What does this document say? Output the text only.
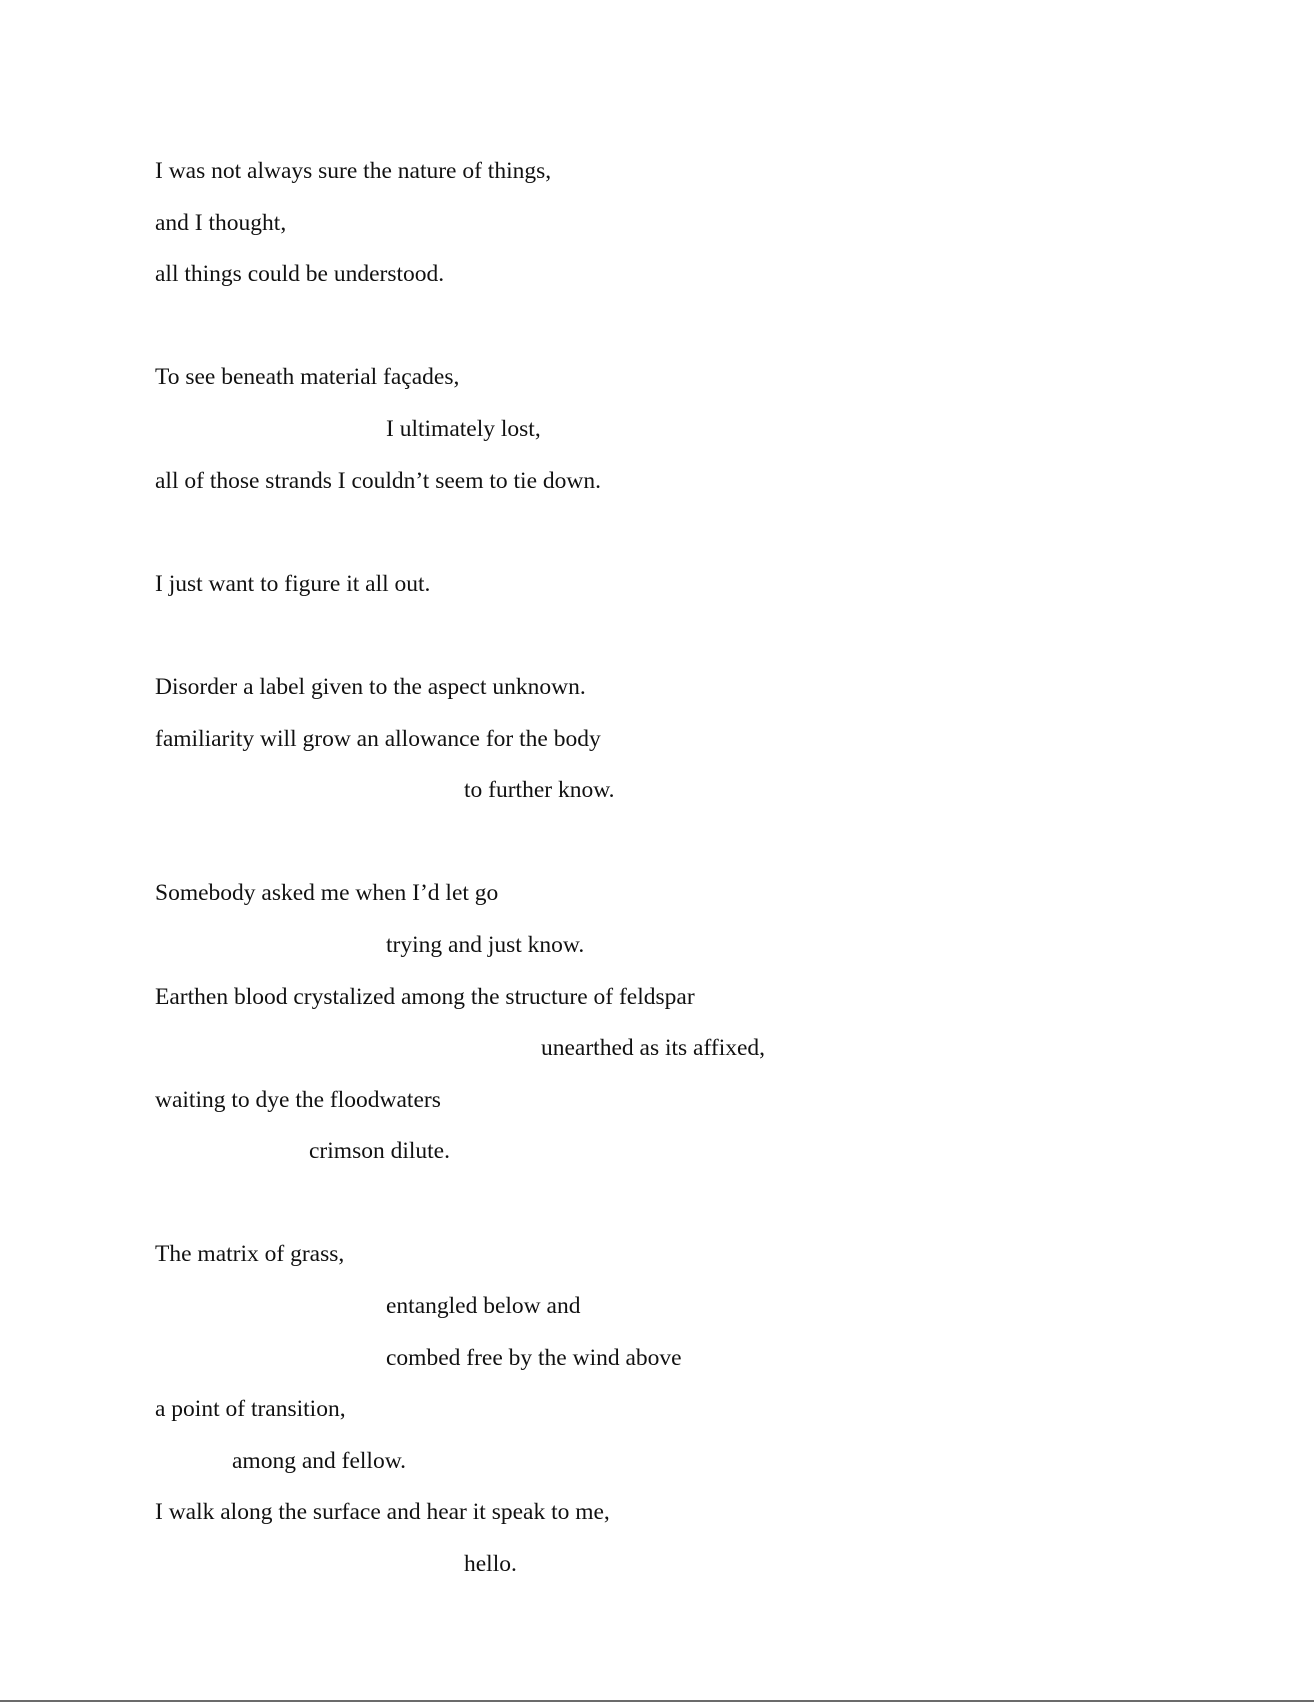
I was not always sure the nature of things,
and I thought,
all things could be understood.
To see beneath material façades,
I ultimately lost,
all of those strands I couldn’t seem to tie down.
I just want to figure it all out.
Disorder a label given to the aspect unknown.
familiarity will grow an allowance for the body
to further know.
Somebody asked me when I’d let go
trying and just know.
Earthen blood crystalized among the structure of feldspar
unearthed as its affixed,
waiting to dye the floodwaters
crimson dilute.
The matrix of grass,
entangled below and
combed free by the wind above
a point of transition,
among and fellow.
I walk along the surface and hear it speak to me,
hello.
